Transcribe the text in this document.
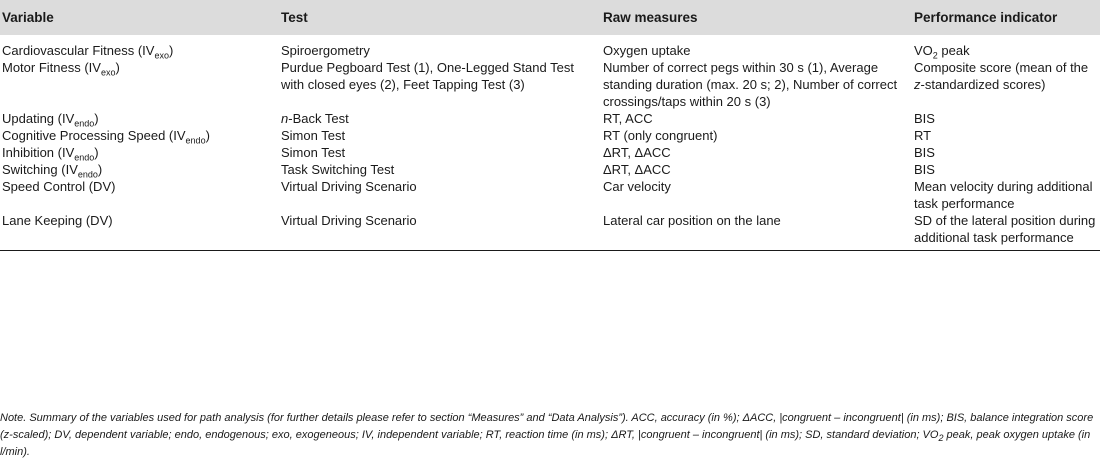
Variable	Test	Raw measures	Performance indicator
Cardiovascular Fitness $(IV_{exo})$	Spiroergometry	Oxygen uptake	$VO_2$ peak
Motor Fitness $(IV_{exo})$	Purdue Pegboard Test (1), One-Legged Stand Test with closed eyes (2), Feet Tapping Test (3)	Number of correct pegs within 30 s (1), Average standing duration (max. 20 s; 2), Number of correct crossings/taps within 20 s (3)	Composite score (mean of the z-standardized scores)
Updating $(IV_{endo})$	n-Back Test	RT, ACC	BIS
Cognitive Processing Speed $(IV_{endo})$	Simon Test	RT (only congruent)	RT
Inhibition $(IV_{endo})$	Simon Test	ΔRT, ΔACC	BIS
Switching $(IV_{endo})$	Task Switching Test	ΔRT, ΔACC	BIS
Speed Control (DV)	Virtual Driving Scenario	Car velocity	Mean velocity during additional task performance
Lane Keeping (DV)	Virtual Driving Scenario	Lateral car position on the lane	SD of the lateral position during additional task performance
Note. Summary of the variables used for path analysis (for further details please refer to section “Measures” and “Data Analysis”). ACC, accuracy (in %); ΔACC, |congruent – incongruent| (in ms); BIS, balance integration score (z-scaled); DV, dependent variable; endo, endogenous; exo, exogeneous; IV, independent variable; RT, reaction time (in ms); ΔRT, |congruent – incongruent| (in ms); SD, standard deviation; $VO_2$ peak, peak oxygen uptake (in l/min).
